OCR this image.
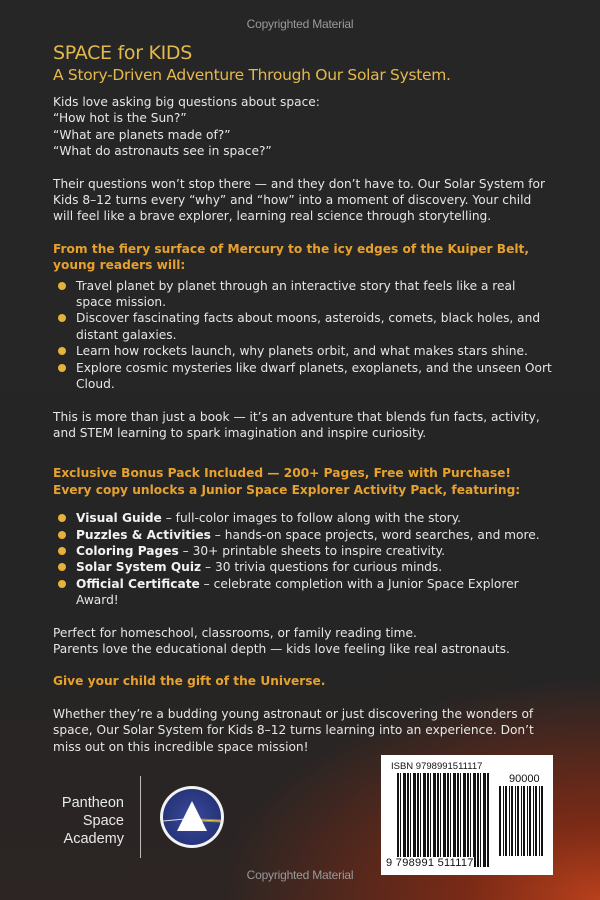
Copyrighted Material
SPACE for KIDS
A Story-Driven Adventure Through Our Solar System.

Kids love asking big questions about space:
“How hot is the Sun?”
“What are planets made of?”
“What do astronauts see in space?”

Their questions won’t stop there — and they don’t have to. Our Solar System for Kids 8–12 turns every “why” and “how” into a moment of discovery. Your child will feel like a brave explorer, learning real science through storytelling.

From the fiery surface of Mercury to the icy edges of the Kuiper Belt, young readers will:

Travel planet by planet through an interactive story that feels like a real space mission.
Discover fascinating facts about moons, asteroids, comets, black holes, and distant galaxies.
Learn how rockets launch, why planets orbit, and what makes stars shine.
Explore cosmic mysteries like dwarf planets, exoplanets, and the unseen Oort Cloud.

This is more than just a book — it’s an adventure that blends fun facts, activity, and STEM learning to spark imagination and inspire curiosity.

Exclusive Bonus Pack Included — 200+ Pages, Free with Purchase!
Every copy unlocks a Junior Space Explorer Activity Pack, featuring:

Visual Guide – full-color images to follow along with the story.
Puzzles & Activities – hands-on space projects, word searches, and more.
Coloring Pages – 30+ printable sheets to inspire creativity.
Solar System Quiz – 30 trivia questions for curious minds.
Official Certificate – celebrate completion with a Junior Space Explorer Award!

Perfect for homeschool, classrooms, or family reading time.
Parents love the educational depth — kids love feeling like real astronauts.

Give your child the gift of the Universe.

Whether they’re a budding young astronaut or just discovering the wonders of space, Our Solar System for Kids 8–12 turns learning into an experience. Don’t miss out on this incredible space mission!

Pantheon
Space
Academy
ISBN 9798991511117
90000
9 798991 511117
Copyrighted Material
